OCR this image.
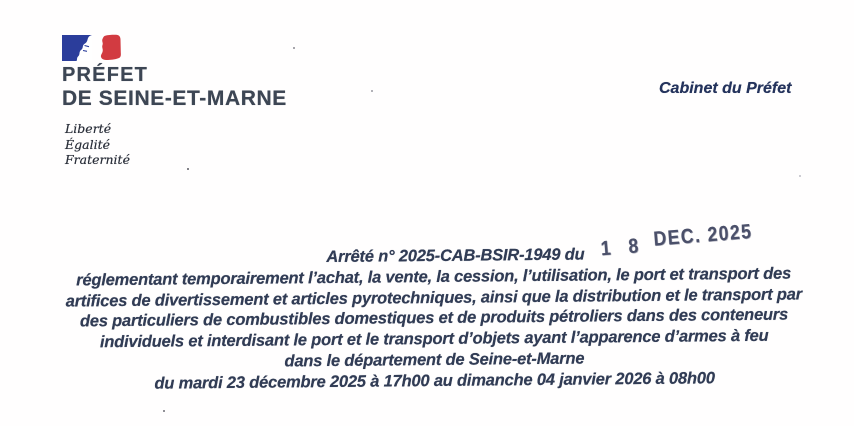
PRÉFET
DE SEINE-ET-MARNE
Liberté
Égalité
Fraternité
Cabinet du Préfet
Arrêté n° 2025-CAB-BSIR-1949 du
réglementant temporairement l’achat, la vente, la cession, l’utilisation, le port et transport des
artifices de divertissement et articles pyrotechniques, ainsi que la distribution et le transport par
des particuliers de combustibles domestiques et de produits pétroliers dans des conteneurs
individuels et interdisant le port et le transport d’objets ayant l’apparence d’armes à feu
dans le département de Seine-et-Marne
du mardi 23 décembre 2025 à 17h00 au dimanche 04 janvier 2026 à 08h00
1 8 DEC. 2025
